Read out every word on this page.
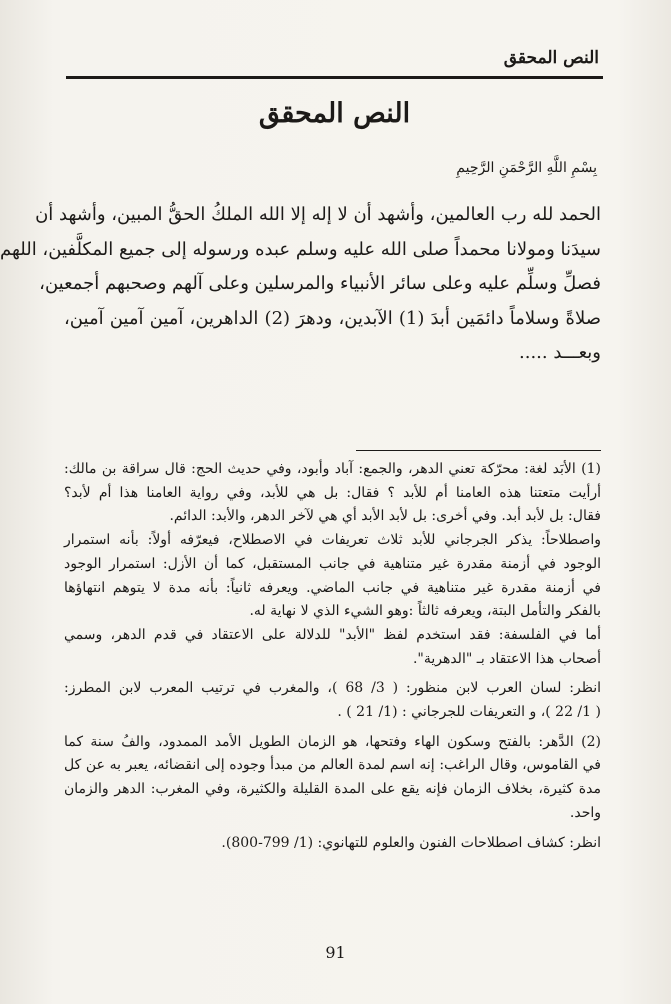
النص المحقق
النص المحقق
بِسْمِ اللَّهِ الرَّحْمَنِ الرَّحِيمِ
الحمد لله رب العالمين، وأشهد أن لا إله إلا الله الملكُ الحقُّ المبين، وأشهد أن
سيدَنا ومولانا محمداً صلى الله عليه وسلم عبده ورسوله إلى جميع المكلَّفين، اللهم
فصلِّ وسلِّم عليه وعلى سائر الأنبياء والمرسلين وعلى آلهم وصحبهم أجمعين،
صلاةً وسلاماً دائمَين أبدَ (1) الآبدين، ودهرَ (2) الداهرين، آمين آمين آمين،
وبعـــد .....
(1) الأبَد لغة: محرّكة تعني الدهر، والجمع: آباد وأبود، وفي حديث الحج: قال سراقة بن مالك:
أرأيت متعتنا هذه العامنا أم للأبد ؟ فقال: بل هي للأبد، وفي رواية العامنا هذا أم لأبد؟
فقال: بل لأبد أبد. وفي أخرى: بل لأبد الأبد أي هي لآخر الدهر، والأبد: الدائم.
واصطلاحاً: يذكر الجرجاني للأبد ثلاث تعريفات في الاصطلاح، فيعرّفه أولاً: بأنه استمرار
الوجود في أزمنة مقدرة غير متناهية في جانب المستقبل، كما أن الأزل: استمرار الوجود
في أزمنة مقدرة غير متناهية في جانب الماضي. ويعرفه ثانياً: بأنه مدة لا يتوهم انتهاؤها
بالفكر والتأمل البتة، ويعرفه ثالثاً :وهو الشيء الذي لا نهاية له.
أما في الفلسفة: فقد استخدم لفظ "الأبد" للدلالة على الاعتقاد في قدم الدهر، وسمي
أصحاب هذا الاعتقاد بـ "الدهرية".
انظر: لسان العرب لابن منظور: ( 3/ 68 )، والمغرب في ترتيب المعرب لابن المطرز:
( 1/ 22 )، و التعريفات للجرجاني : (1/ 21 ) .
(2) الدَّهر: بالفتح وسكون الهاء وفتحها، هو الزمان الطويل الأمد الممدود، والفُ سنة كما
في القاموس، وقال الراغب: إنه اسم لمدة العالم من مبدأ وجوده إلى انقضائه، يعبر به عن كل
مدة كثيرة، بخلاف الزمان فإنه يقع على المدة القليلة والكثيرة، وفي المغرب: الدهر والزمان
واحد.
انظر: كشاف اصطلاحات الفنون والعلوم للتهانوي: (1/ 799-800).
91
